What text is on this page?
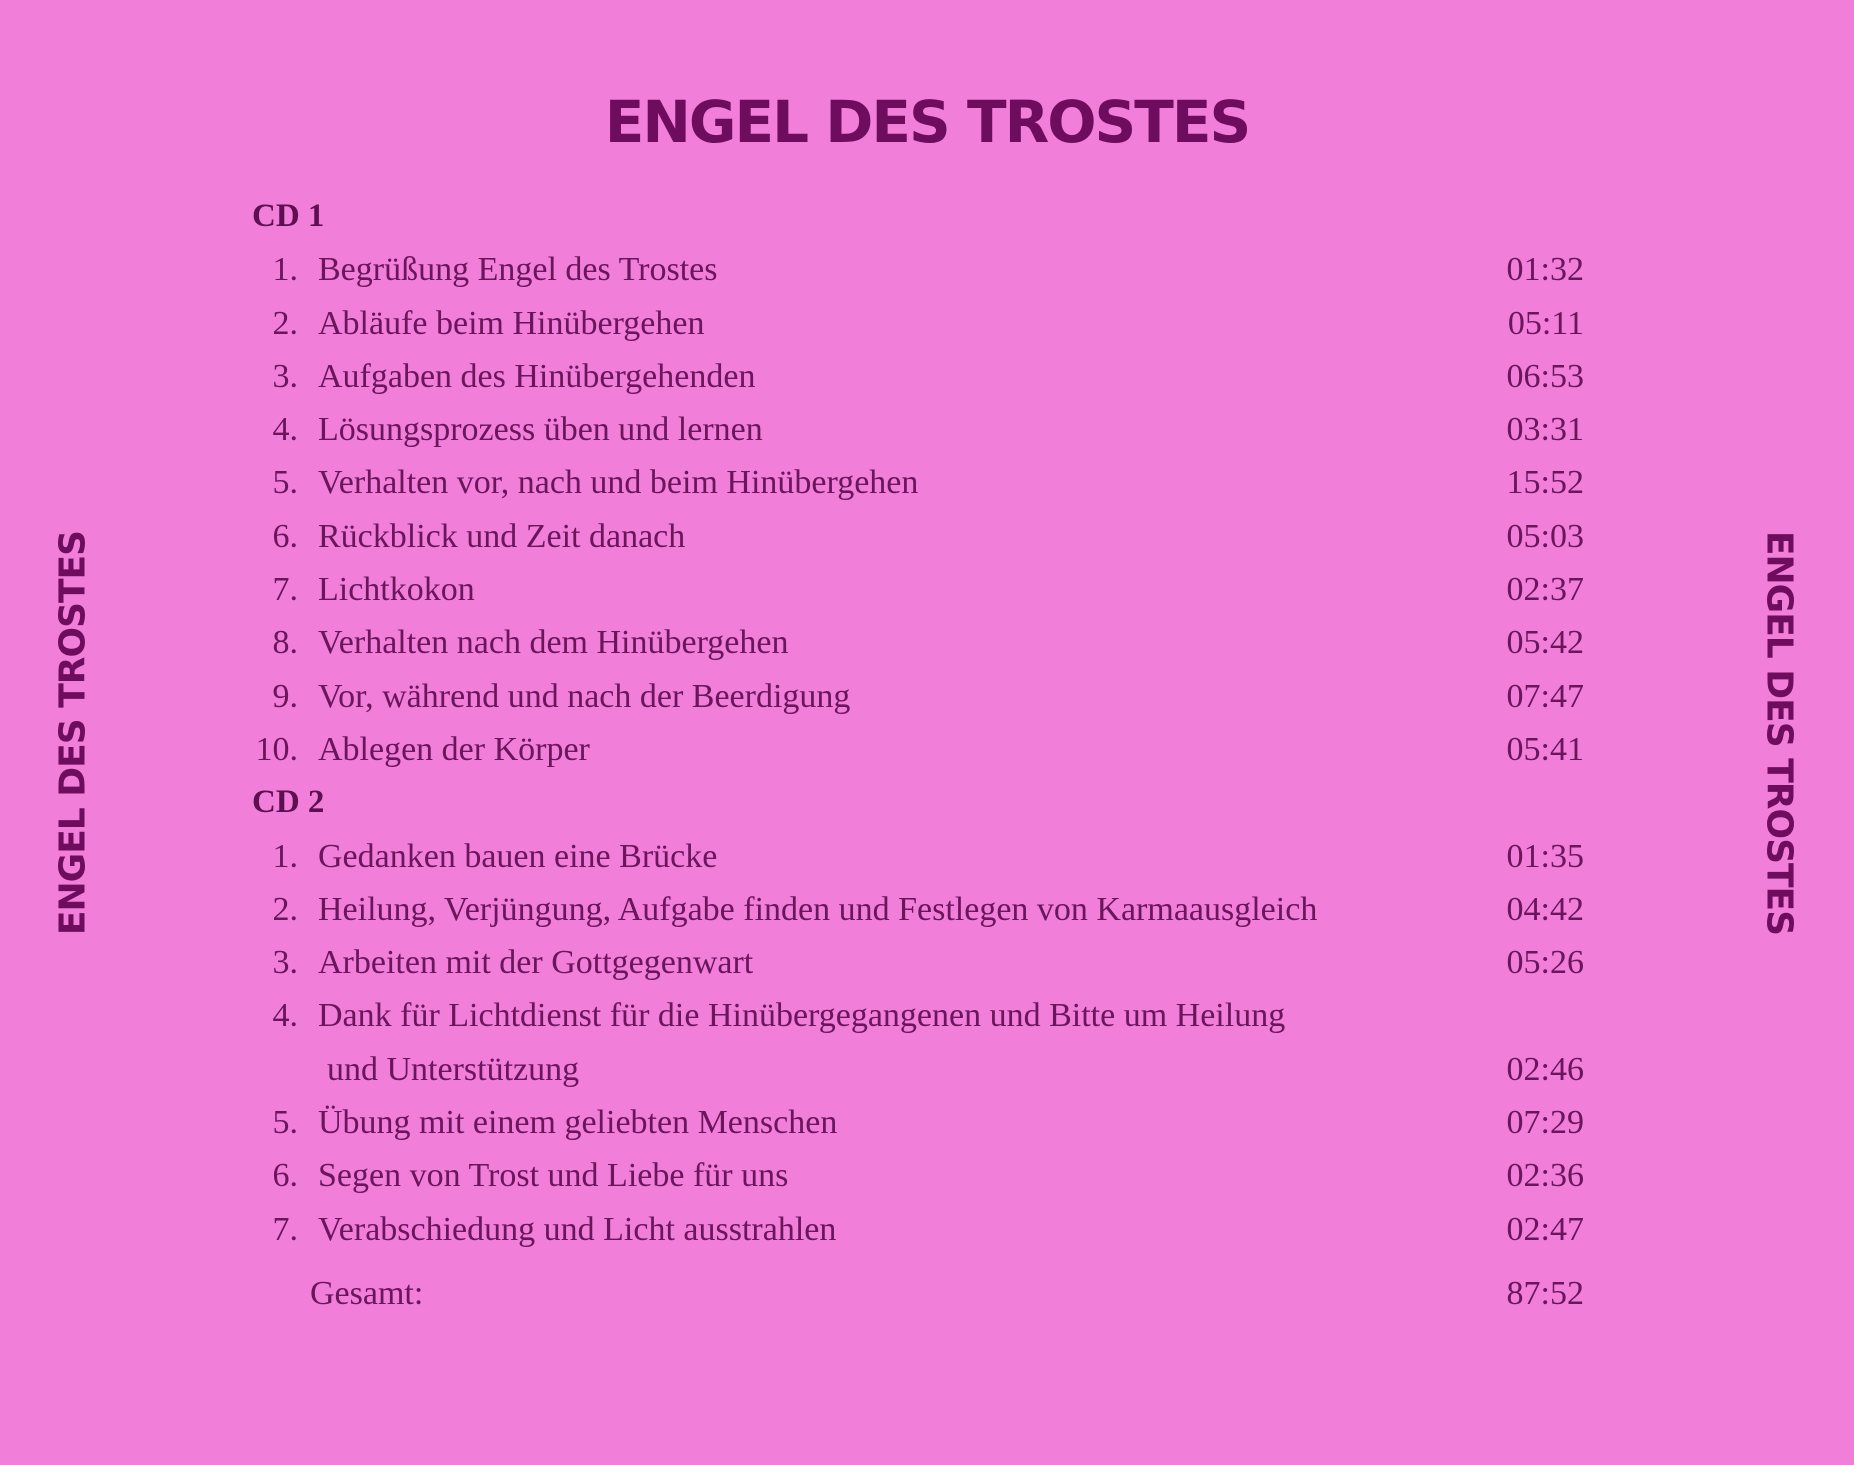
ENGEL DES TROSTES
ENGEL DES TROSTES	ENGEL DES TROSTES
CD 1
1. Begrüßung Engel des Trostes	01:32
2. Abläufe beim Hinübergehen	05:11
3. Aufgaben des Hinübergehenden	06:53
4. Lösungsprozess üben und lernen	03:31
5. Verhalten vor, nach und beim Hinübergehen	15:52
6. Rückblick und Zeit danach	05:03
7. Lichtkokon	02:37
8. Verhalten nach dem Hinübergehen	05:42
9. Vor, während und nach der Beerdigung	07:47
10. Ablegen der Körper	05:41
CD 2
1. Gedanken bauen eine Brücke	01:35
2. Heilung, Verjüngung, Aufgabe finden und Festlegen von Karmaausgleich	04:42
3. Arbeiten mit der Gottgegenwart	05:26
4. Dank für Lichtdienst für die Hinübergegangenen und Bitte um Heilung
und Unterstützung	02:46
5. Übung mit einem geliebten Menschen	07:29
6. Segen von Trost und Liebe für uns	02:36
7. Verabschiedung und Licht ausstrahlen	02:47
Gesamt:	87:52
